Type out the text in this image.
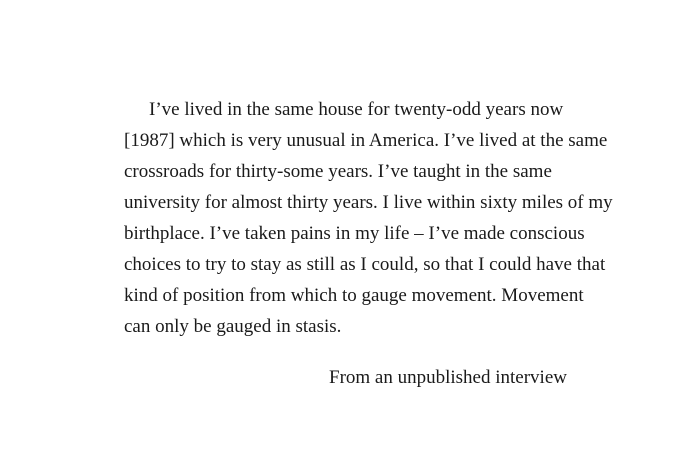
I’ve lived in the same house for twenty-odd years now
[1987] which is very unusual in America. I’ve lived at the same
crossroads for thirty-some years. I’ve taught in the same
university for almost thirty years. I live within sixty miles of my
birthplace. I’ve taken pains in my life – I’ve made conscious
choices to try to stay as still as I could, so that I could have that
kind of position from which to gauge movement. Movement
can only be gauged in stasis.
From an unpublished interview
